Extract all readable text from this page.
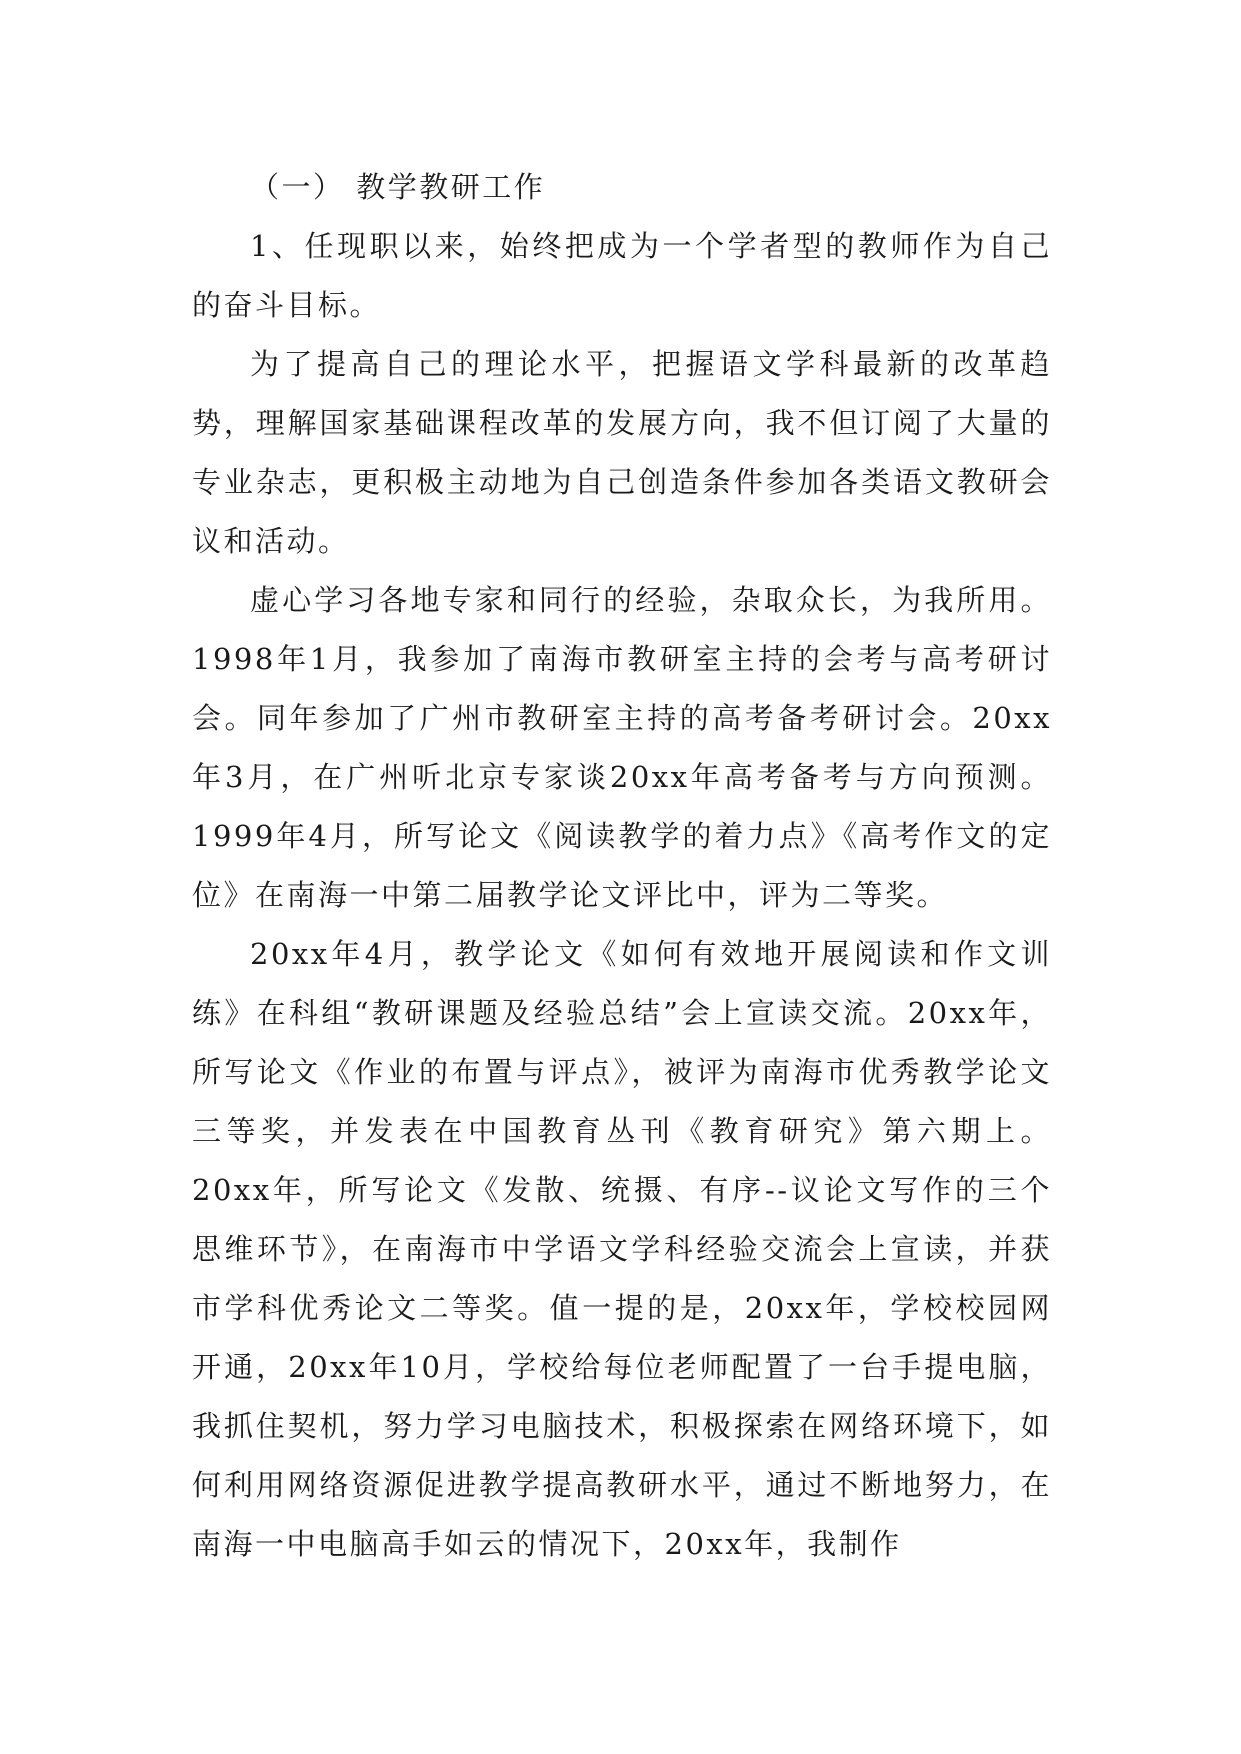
（一） 教学教研工作

1、任现职以来，始终把成为一个学者型的教师作为自己的奋斗目标。

为了提高自己的理论水平，把握语文学科最新的改革趋势，理解国家基础课程改革的发展方向，我不但订阅了大量的专业杂志，更积极主动地为自己创造条件参加各类语文教研会议和活动。

虚心学习各地专家和同行的经验，杂取众长，为我所用。1998年1月，我参加了南海市教研室主持的会考与高考研讨会。同年参加了广州市教研室主持的高考备考研讨会。20xx年3月，在广州听北京专家谈20xx年高考备考与方向预测。1999年4月，所写论文《阅读教学的着力点》《高考作文的定位》在南海一中第二届教学论文评比中，评为二等奖。

20xx年4月，教学论文《如何有效地开展阅读和作文训练》在科组“教研课题及经验总结”会上宣读交流。20xx年，所写论文《作业的布置与评点》，被评为南海市优秀教学论文三等奖，并发表在中国教育丛刊《教育研究》第六期上。20xx年，所写论文《发散、统摄、有序--议论文写作的三个思维环节》，在南海市中学语文学科经验交流会上宣读，并获市学科优秀论文二等奖。值一提的是，20xx年，学校校园网开通，20xx年10月，学校给每位老师配置了一台手提电脑，我抓住契机，努力学习电脑技术，积极探索在网络环境下，如何利用网络资源促进教学提高教研水平，通过不断地努力，在南海一中电脑高手如云的情况下，20xx年，我制作
